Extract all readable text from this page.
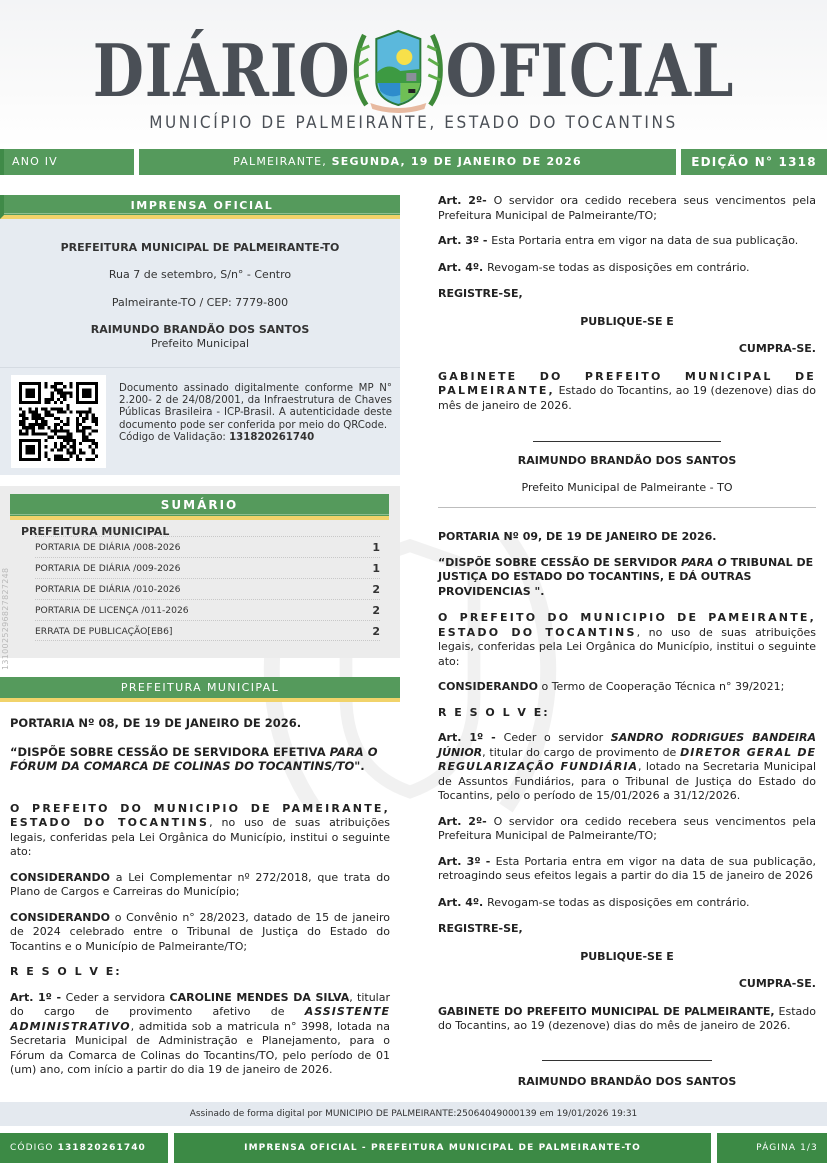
DIÁRIO OFICIAL
MUNICÍPIO DE PALMEIRANTE, ESTADO DO TOCANTINS
ANO IV	PALMEIRANTE, SEGUNDA, 19 DE JANEIRO DE 2026	EDIÇÃO N° 1318
IMPRENSA OFICIAL
PREFEITURA MUNICIPAL DE PALMEIRANTE-TO
Rua 7 de setembro, S/n° - Centro
Palmeirante-TO / CEP: 7779-800
RAIMUNDO BRANDÃO DOS SANTOS
Prefeito Municipal
Documento assinado digitalmente conforme MP N° 2.200- 2 de 24/08/2001, da Infraestrutura de Chaves Públicas Brasileira - ICP-Brasil. A autenticidade deste documento pode ser conferida por meio do QRCode.
Código de Validação: 131820261740
SUMÁRIO
PREFEITURA MUNICIPAL
PORTARIA DE DIÁRIA /008-2026	1
PORTARIA DE DIÁRIA /009-2026	1
PORTARIA DE DIÁRIA /010-2026	2
PORTARIA DE LICENÇA /011-2026	2
ERRATA DE PUBLICAÇÃO[EB6]	2
1310025296827827248
PREFEITURA MUNICIPAL

PORTARIA Nº 08, DE 19 DE JANEIRO DE 2026.

“DISPÕE SOBRE CESSÃO DE SERVIDORA EFETIVA PARA O FÓRUM DA COMARCA DE COLINAS DO TOCANTINS/TO".

O PREFEITO DO MUNICIPIO DE PAMEIRANTE, ESTADO DO TOCANTINS, no uso de suas atribuições legais, conferidas pela Lei Orgânica do Município, institui o seguinte ato:

CONSIDERANDO a Lei Complementar nº 272/2018, que trata do Plano de Cargos e Carreiras do Município;

CONSIDERANDO o Convênio n° 28/2023, datado de 15 de janeiro de 2024 celebrado entre o Tribunal de Justiça do Estado do Tocantins e o Município de Palmeirante/TO;

R E S O L V E:

Art. 1º - Ceder a servidora CAROLINE MENDES DA SILVA, titular do cargo de provimento afetivo de ASSISTENTE ADMINISTRATIVO, admitida sob a matricula n° 3998, lotada na Secretaria Municipal de Administração e Planejamento, para o Fórum da Comarca de Colinas do Tocantins/TO, pelo período de 01 (um) ano, com início a partir do dia 19 de janeiro de 2026.

Art. 2º- O servidor ora cedido recebera seus vencimentos pela Prefeitura Municipal de Palmeirante/TO;

Art. 3º - Esta Portaria entra em vigor na data de sua publicação.

Art. 4º. Revogam-se todas as disposições em contrário.

REGISTRE-SE,

PUBLIQUE-SE E

CUMPRA-SE.

GABINETE DO PREFEITO MUNICIPAL DE PALMEIRANTE, Estado do Tocantins, ao 19 (dezenove) dias do mês de janeiro de 2026.

RAIMUNDO BRANDÃO DOS SANTOS

Prefeito Municipal de Palmeirante - TO

PORTARIA Nº 09, DE 19 DE JANEIRO DE 2026.

“DISPÕE SOBRE CESSÃO DE SERVIDOR PARA O TRIBUNAL DE JUSTIÇA DO ESTADO DO TOCANTINS, E DÁ OUTRAS PROVIDENCIAS ".

O PREFEITO DO MUNICIPIO DE PAMEIRANTE, ESTADO DO TOCANTINS, no uso de suas atribuições legais, conferidas pela Lei Orgânica do Município, institui o seguinte ato:

CONSIDERANDO o Termo de Cooperação Técnica n° 39/2021;

R E S O L V E:

Art. 1º - Ceder o servidor SANDRO RODRIGUES BANDEIRA JÚNIOR, titular do cargo de provimento de DIRETOR GERAL DE REGULARIZAÇÃO FUNDIÁRIA, lotado na Secretaria Municipal de Assuntos Fundiários, para o Tribunal de Justiça do Estado do Tocantins, pelo o período de 15/01/2026 a 31/12/2026.

Art. 2º- O servidor ora cedido recebera seus vencimentos pela Prefeitura Municipal de Palmeirante/TO;

Art. 3º - Esta Portaria entra em vigor na data de sua publicação, retroagindo seus efeitos legais a partir do dia 15 de janeiro de 2026

Art. 4º. Revogam-se todas as disposições em contrário.

REGISTRE-SE,

PUBLIQUE-SE E

CUMPRA-SE.

GABINETE DO PREFEITO MUNICIPAL DE PALMEIRANTE, Estado do Tocantins, ao 19 (dezenove) dias do mês de janeiro de 2026.

RAIMUNDO BRANDÃO DOS SANTOS

Assinado de forma digital por MUNICIPIO DE PALMEIRANTE:25064049000139 em 19/01/2026 19:31
CÓDIGO 131820261740	IMPRENSA OFICIAL - PREFEITURA MUNICIPAL DE PALMEIRANTE-TO	PÁGINA 1/3
